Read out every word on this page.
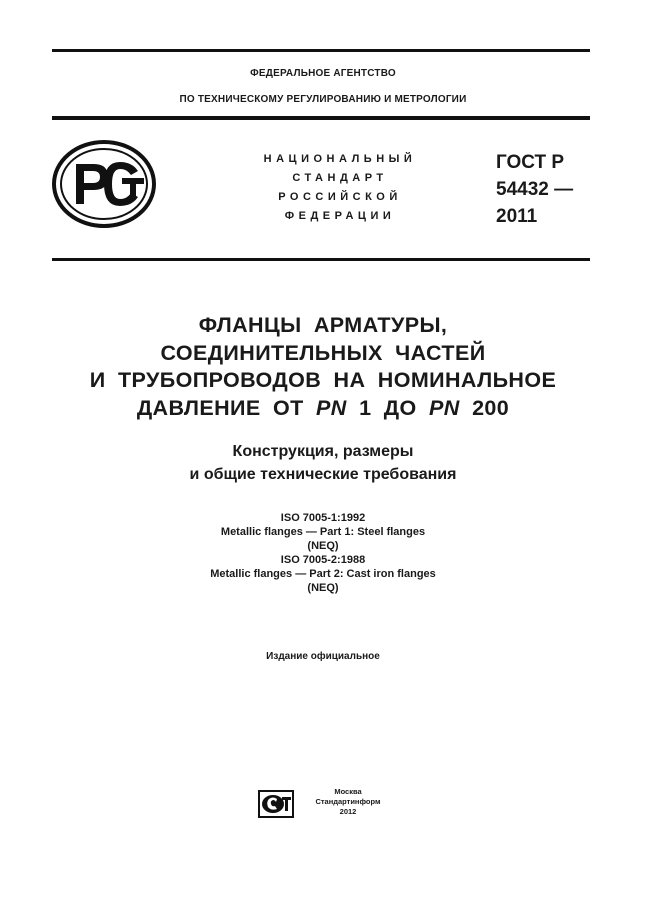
ФЕДЕРАЛЬНОЕ АГЕНТСТВО
ПО ТЕХНИЧЕСКОМУ РЕГУЛИРОВАНИЮ И МЕТРОЛОГИИ
НАЦИОНАЛЬНЫЙ
СТАНДАРТ
РОССИЙСКОЙ
ФЕДЕРАЦИИ
ГОСТ Р
54432 —
2011
ФЛАНЦЫ АРМАТУРЫ,
СОЕДИНИТЕЛЬНЫХ ЧАСТЕЙ
И ТРУБОПРОВОДОВ НА НОМИНАЛЬНОЕ
ДАВЛЕНИЕ ОТ PN 1 ДО PN 200
Конструкция, размеры
и общие технические требования
ISO 7005-1:1992
Metallic flanges — Part 1: Steel flanges
(NEQ)
ISO 7005-2:1988
Metallic flanges — Part 2: Cast iron flanges
(NEQ)
Издание официальное
Москва
Стандартинформ
2012
